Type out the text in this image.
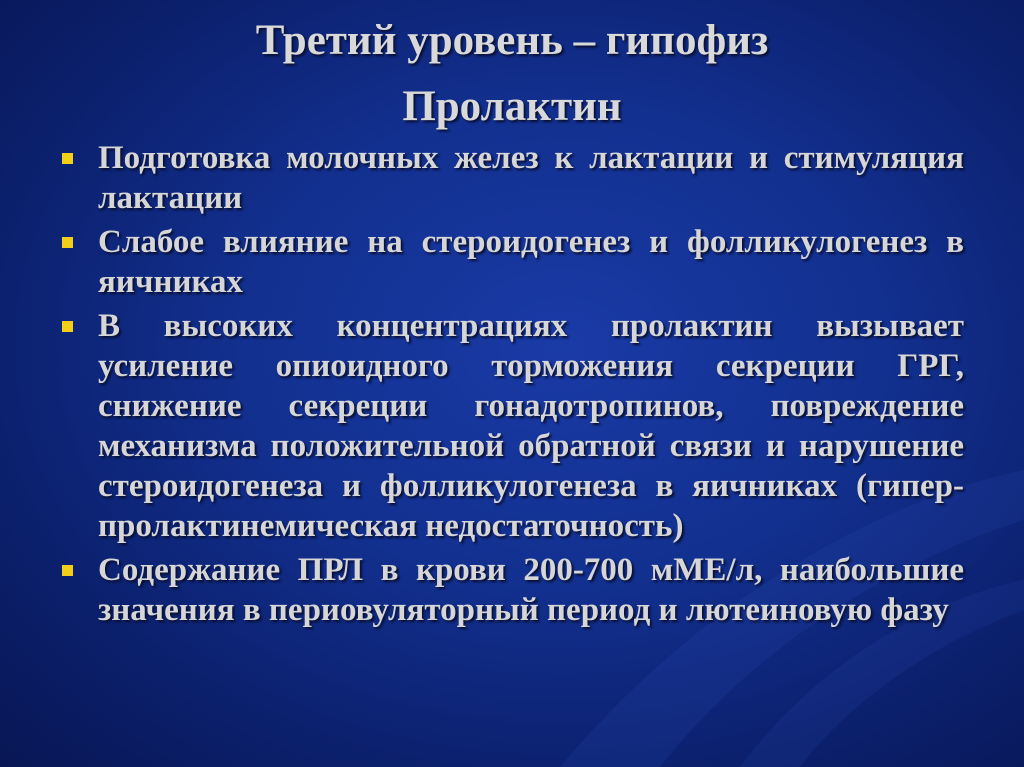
Третий уровень – гипофиз
Пролактин
Подготовка молочных желез к лактации и стимуляция лактации
Слабое влияние на стероидогенез и фолликулогенез в яичниках
В высоких концентрациях пролактин вызывает усиление опиоидного торможения секреции ГРГ, снижение секреции гонадотропинов, повреждение механизма положительной обратной связи и нарушение стероидогенеза и фолликулогенеза в яичниках (гипер-пролактинемическая недостаточность)
Содержание ПРЛ в крови 200-700 мМЕ/л, наибольшие значения в периовуляторный период и лютеиновую фазу
